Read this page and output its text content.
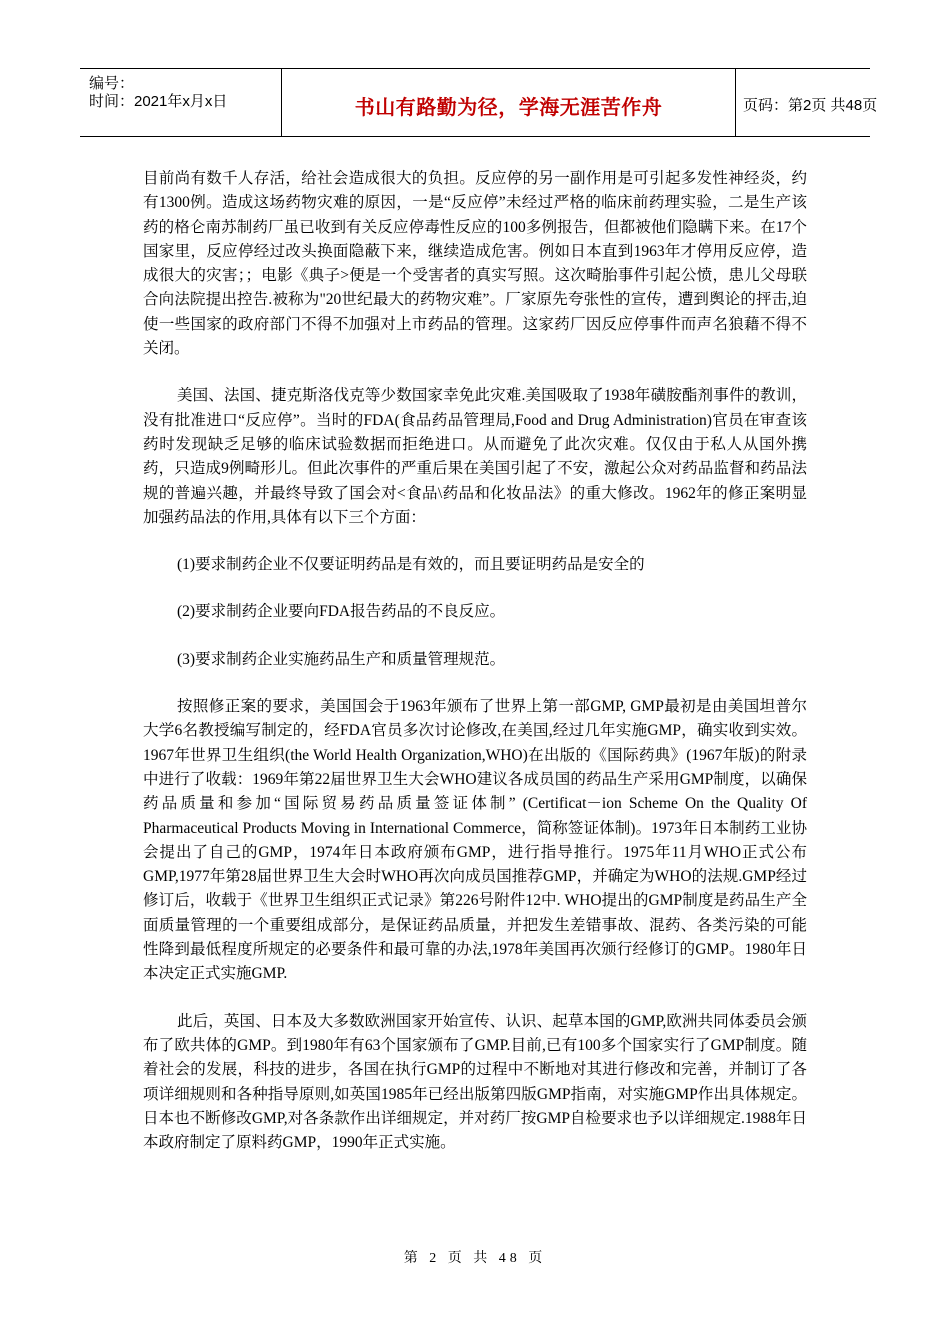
编号：
时间：2021年x月x日	书山有路勤为径，学海无涯苦作舟	页码：第2页 共48页

目前尚有数千人存活，给社会造成很大的负担。反应停的另一副作用是可引起多发性神经炎，约有1300例。造成这场药物灾难的原因，一是“反应停”未经过严格的临床前药理实验，二是生产该药的格仑南苏制药厂虽已收到有关反应停毒性反应的100多例报告，但都被他们隐瞒下来。在17个国家里，反应停经过改头换面隐蔽下来，继续造成危害。例如日本直到1963年才停用反应停，造成很大的灾害；；电影《典子>便是一个受害者的真实写照。这次畸胎事件引起公愤，患儿父母联合向法院提出控告.被称为"20世纪最大的药物灾难”。厂家原先夸张性的宣传，遭到舆论的抨击,迫使一些国家的政府部门不得不加强对上市药品的管理。这家药厂因反应停事件而声名狼藉不得不关闭。

美国、法国、捷克斯洛伐克等少数国家幸免此灾难.美国吸取了1938年磺胺酯剂事件的教训，没有批准进口“反应停”。当时的FDA(食品药品管理局,Food and Drug Administration)官员在审查该药时发现缺乏足够的临床试验数据而拒绝进口。从而避免了此次灾难。仅仅由于私人从国外携药，只造成9例畸形儿。但此次事件的严重后果在美国引起了不安，激起公众对药品监督和药品法规的普遍兴趣，并最终导致了国会对<食品\药品和化妆品法》的重大修改。1962年的修正案明显加强药品法的作用,具体有以下三个方面：

(1)要求制药企业不仅要证明药品是有效的，而且要证明药品是安全的

(2)要求制药企业要向FDA报告药品的不良反应。

(3)要求制药企业实施药品生产和质量管理规范。

按照修正案的要求，美国国会于1963年颁布了世界上第一部GMP, GMP最初是由美国坦普尔大学6名教授编写制定的，经FDA官员多次讨论修改,在美国,经过几年实施GMP，确实收到实效。1967年世界卫生组织(the World Health Organization,WHO)在出版的《国际药典》(1967年版)的附录中进行了收载：1969年第22届世界卫生大会WHO建议各成员国的药品生产采用GMP制度，以确保药品质量和参加“国际贸易药品质量签证体制” (Certificat－ion Scheme On the Quality Of Pharmaceutical Products Moving in International Commerce，简称签证体制)。1973年日本制药工业协会提出了自己的GMP，1974年日本政府颁布GMP，进行指导推行。1975年11月WHO正式公布GMP,1977年第28届世界卫生大会时WHO再次向成员国推荐GMP，并确定为WHO的法规.GMP经过修订后，收载于《世界卫生组织正式记录》第226号附件12中. WHO提出的GMP制度是药品生产全面质量管理的一个重要组成部分，是保证药品质量，并把发生差错事故、混药、各类污染的可能性降到最低程度所规定的必要条件和最可靠的办法,1978年美国再次颁行经修订的GMP。1980年日本决定正式实施GMP.

此后，英国、日本及大多数欧洲国家开始宣传、认识、起草本国的GMP,欧洲共同体委员会颁布了欧共体的GMP。到1980年有63个国家颁布了GMP.目前,已有100多个国家实行了GMP制度。随着社会的发展，科技的进步，各国在执行GMP的过程中不断地对其进行修改和完善，并制订了各项详细规则和各种指导原则,如英国1985年已经出版第四版GMP指南，对实施GMP作出具体规定。日本也不断修改GMP,对各条款作出详细规定，并对药厂按GMP自检要求也予以详细规定.1988年日本政府制定了原料药GMP，1990年正式实施。

第 2 页 共 48 页
